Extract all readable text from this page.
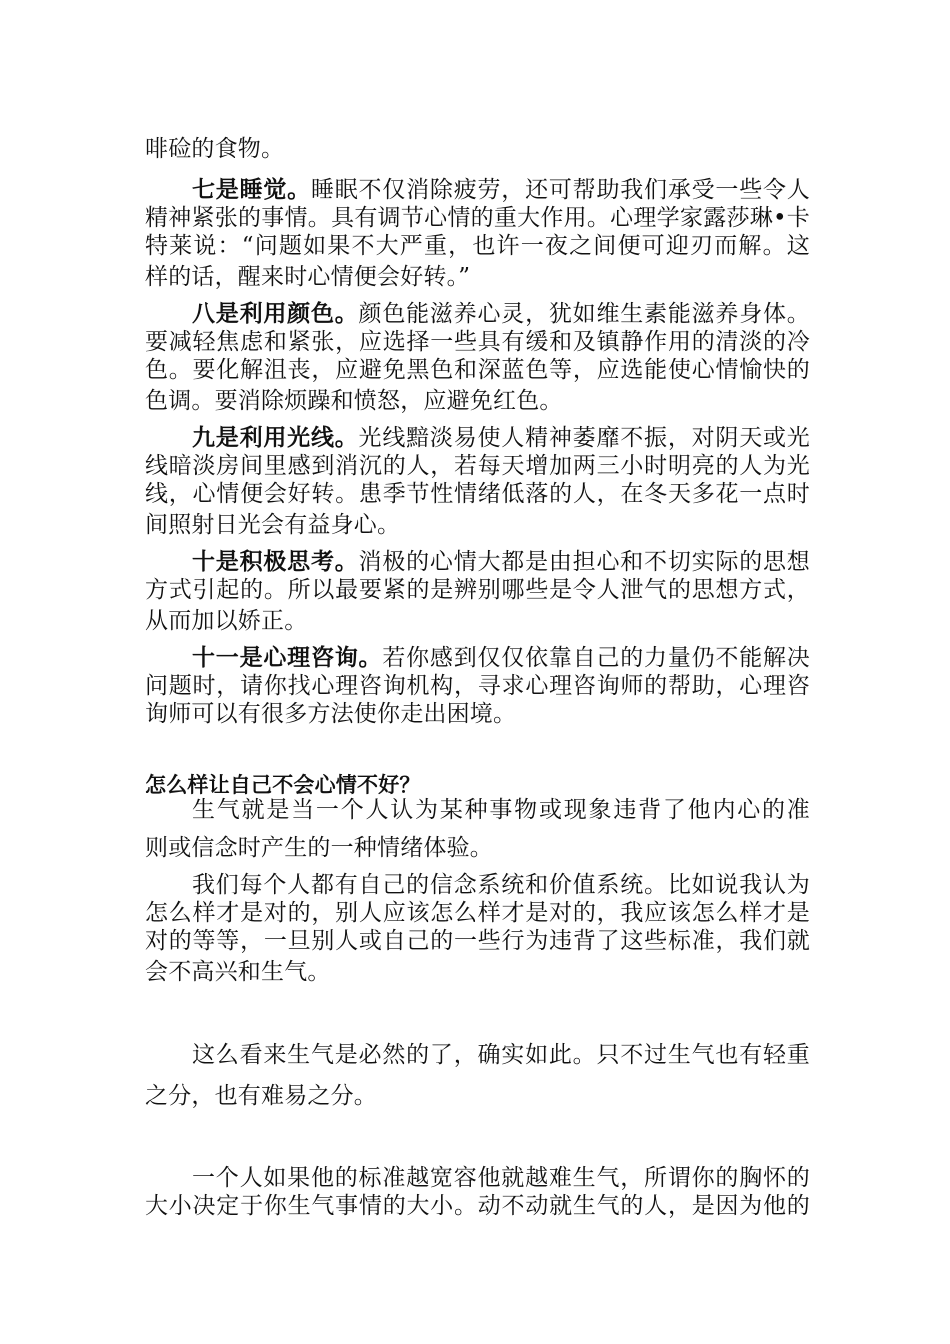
啡硷的食物。
七是睡觉。睡眠不仅消除疲劳，还可帮助我们承受一些令人
精神紧张的事情。具有调节心情的重大作用。心理学家露莎琳•卡
特莱说：“问题如果不大严重，也许一夜之间便可迎刃而解。这
样的话，醒来时心情便会好转。”
八是利用颜色。颜色能滋养心灵，犹如维生素能滋养身体。
要减轻焦虑和紧张，应选择一些具有缓和及镇静作用的清淡的冷
色。要化解沮丧，应避免黑色和深蓝色等，应选能使心情愉快的
色调。要消除烦躁和愤怒，应避免红色。
九是利用光线。光线黯淡易使人精神萎靡不振，对阴天或光
线暗淡房间里感到消沉的人，若每天增加两三小时明亮的人为光
线，心情便会好转。患季节性情绪低落的人，在冬天多花一点时
间照射日光会有益身心。
十是积极思考。消极的心情大都是由担心和不切实际的思想
方式引起的。所以最要紧的是辨别哪些是令人泄气的思想方式，
从而加以娇正。
十一是心理咨询。若你感到仅仅依靠自己的力量仍不能解决
问题时，请你找心理咨询机构，寻求心理咨询师的帮助，心理咨
询师可以有很多方法使你走出困境。
怎么样让自己不会心情不好？
生气就是当一个人认为某种事物或现象违背了他内心的准
则或信念时产生的一种情绪体验。
我们每个人都有自己的信念系统和价值系统。比如说我认为
怎么样才是对的，别人应该怎么样才是对的，我应该怎么样才是
对的等等，一旦别人或自己的一些行为违背了这些标准，我们就
会不高兴和生气。
这么看来生气是必然的了，确实如此。只不过生气也有轻重
之分，也有难易之分。
一个人如果他的标准越宽容他就越难生气，所谓你的胸怀的
大小决定于你生气事情的大小。动不动就生气的人，是因为他的
